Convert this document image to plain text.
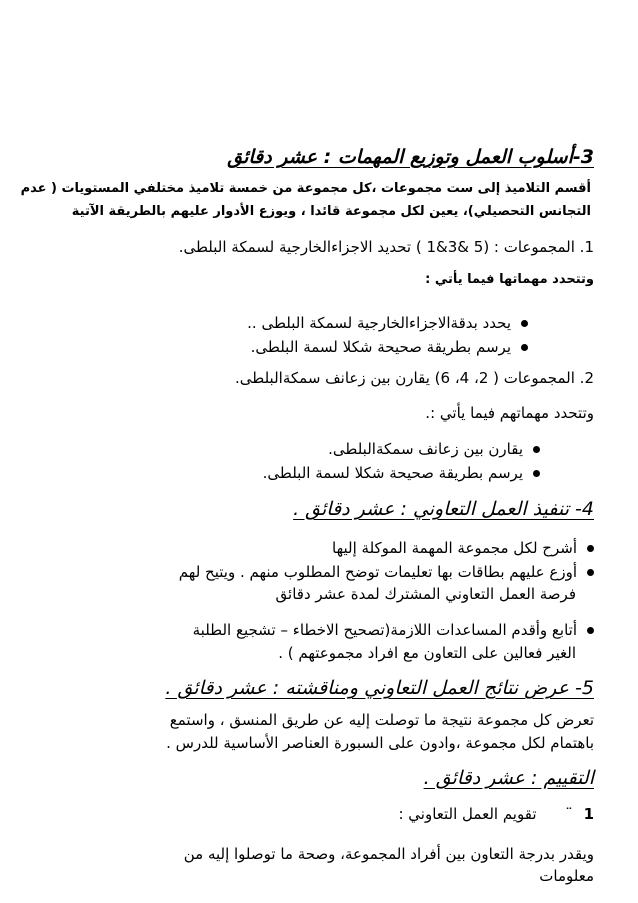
3-أسلوب العمل وتوزيع المهمات : عشر دقائق
أقسم التلاميذ إلى ست مجموعات ،كل مجموعة من خمسة تلاميذ مختلفي المستويات ( عدم
التجانس التحصيلي)، يعين لكل مجموعة قائدا ، ويوزع الأدوار عليهم بالطريقة الآتية
1. المجموعات : (5 &3&1 ) تحديد الاجزاءالخارجية لسمكة البلطى.
وتتحدد مهماتها فيما يأتي :
يحدد بدقةالاجزاءالخارجية لسمكة البلطى ..
يرسم بطريقة صحيحة شكلا لسمة البلطى.
2. المجموعات ( 2، 4، 6) يقارن بين زعانف سمكةالبلطى.
وتتحدد مهماتهم فيما يأتي :.
يقارن بين زعانف سمكةالبلطى.
يرسم بطريقة صحيحة شكلا لسمة البلطى.
4- تنفيذ العمل التعاوني : عشر دقائق .
أشرح لكل مجموعة المهمة الموكلة إليها
أوزع عليهم بطاقات بها تعليمات توضح المطلوب منهم . ويتيح لهم
فرصة العمل التعاوني المشترك لمدة عشر دقائق
أتابع وأقدم المساعدات اللازمة(تصحيح الاخطاء – تشجيع الطلبة
الغير فعالين على التعاون مع افراد مجموعتهم ) .
5- عرض نتائج العمل التعاوني ومناقشته : عشر دقائق .
تعرض كل مجموعة نتيجة ما توصلت إليه عن طريق المنسق ، واستمع
باهتمام لكل مجموعة ،وادون على السبورة العناصر الأساسية للدرس .
التقييم : عشر دقائق .
1 ¨ تقويم العمل التعاوني :
ويقدر بدرجة التعاون بين أفراد المجموعة، وصحة ما توصلوا إليه من
معلومات
